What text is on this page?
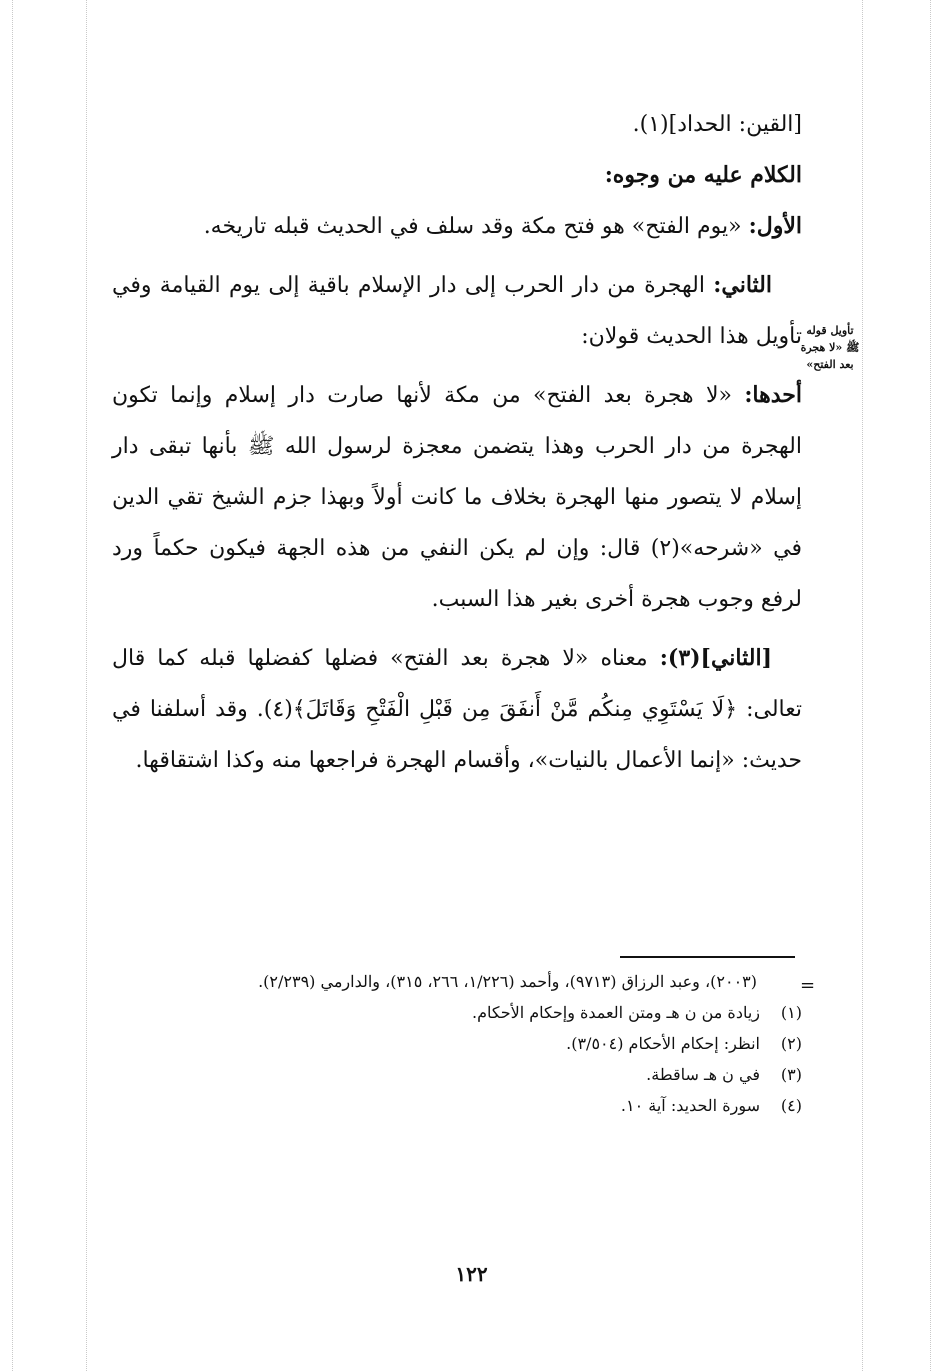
تأويل قوله ﷺ «لا هجرة بعد الفتح»

[القين: الحداد](١).

الكلام عليه من وجوه:

الأول: «يوم الفتح» هو فتح مكة وقد سلف في الحديث قبله تاريخه.

الثاني: الهجرة من دار الحرب إلى دار الإسلام باقية إلى يوم القيامة وفي تأويل هذا الحديث قولان:

أحدها: «لا هجرة بعد الفتح» من مكة لأنها صارت دار إسلام وإنما تكون الهجرة من دار الحرب وهذا يتضمن معجزة لرسول الله ﷺ بأنها تبقى دار إسلام لا يتصور منها الهجرة بخلاف ما كانت أولاً وبهذا جزم الشيخ تقي الدين في «شرحه»(٢) قال: وإن لم يكن النفي من هذه الجهة فيكون حكماً ورد لرفع وجوب هجرة أخرى بغير هذا السبب.

[الثاني](٣): معناه «لا هجرة بعد الفتح» فضلها كفضلها قبله كما قال تعالى: ﴿لَا يَسْتَوِي مِنكُم مَّنْ أَنفَقَ مِن قَبْلِ الْفَتْحِ وَقَاتَلَ﴾(٤). وقد أسلفنا في حديث: «إنما الأعمال بالنيات»، وأقسام الهجرة فراجعها منه وكذا اشتقاقها.

=
(٢٠٠٣)، وعبد الرزاق (٩٧١٣)، وأحمد (١/٢٢٦، ٢٦٦، ٣١٥)، والدارمي (٢/٢٣٩).
(١)زيادة من ن هـ ومتن العمدة وإحكام الأحكام.
(٢)انظر: إحكام الأحكام (٣/٥٠٤).
(٣)في ن هـ ساقطة.
(٤)سورة الحديد: آية ١٠.
١٢٢
